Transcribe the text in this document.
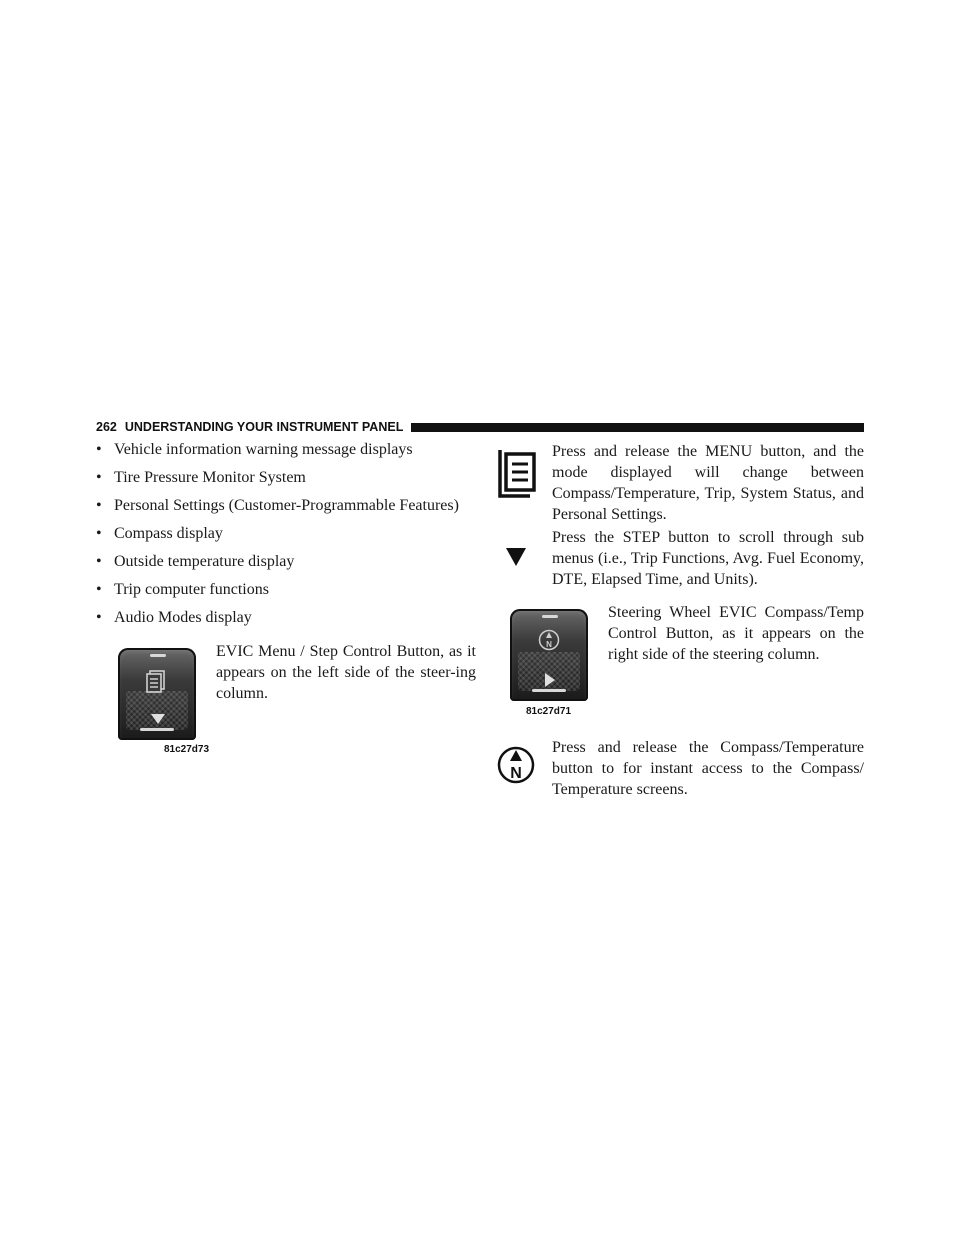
262 UNDERSTANDING YOUR INSTRUMENT PANEL
• Vehicle information warning message displays
• Tire Pressure Monitor System
• Personal Settings (Customer-Programmable Features)
• Compass display
• Outside temperature display
• Trip computer functions
• Audio Modes display
81c27d73

EVIC Menu / Step Control Button, as it appears on the left side of the steer-ing column.

Press and release the MENU button, and the mode displayed will change between Compass/Temperature, Trip, System Status, and Personal Settings.

Press the STEP button to scroll through sub menus (i.e., Trip Functions, Avg. Fuel Economy, DTE, Elapsed Time, and Units).

N
81c27d71

Steering Wheel EVIC Compass/Temp Control Button, as it appears on the right side of the steering column.

N

Press and release the Compass/Temperature button to for instant access to the Compass/ Temperature screens.
